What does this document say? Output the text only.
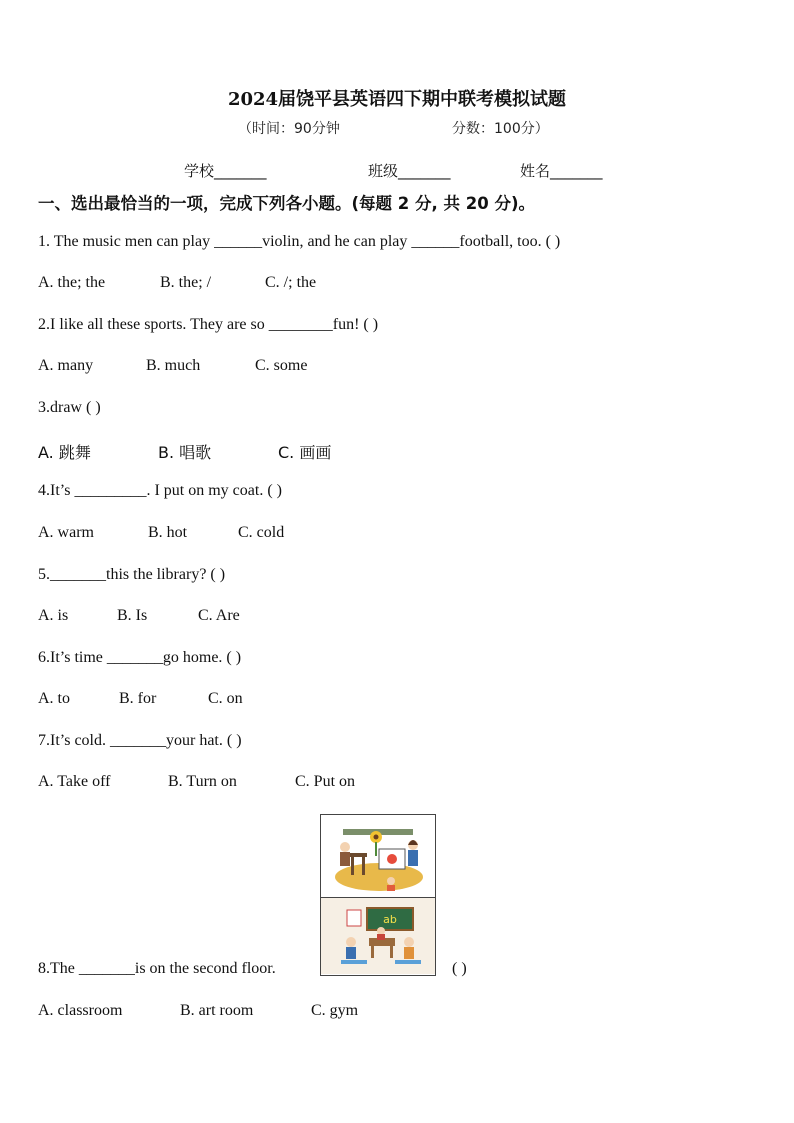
2024届饶平县英语四下期中联考模拟试题
（时间：90分钟	分数：100分）
学校_______	班级_______	姓名_______
一、选出最恰当的一项，完成下列各小题。(每题 2 分, 共 20 分)。
1. The music men can play ______violin, and he can play ______football, too. ( )
A. the; the	B. the; /	C. /; the
2.I like all these sports. They are so ________fun! ( )
A. many	B. much	C. some
3.draw ( )
A. 跳舞	B. 唱歌	C. 画画
4.It’s _________. I put on my coat. ( )
A. warm	B. hot	C. cold
5._______this the library? ( )
A. is	B. Is	C. Are
6.It’s time _______go home. ( )
A. to	B. for	C. on
7.It’s cold. _______your hat. ( )
A. Take off	B. Turn on	C. Put on
ab
8.The _______is on the second floor.	( )
A. classroom	B. art room	C. gym
